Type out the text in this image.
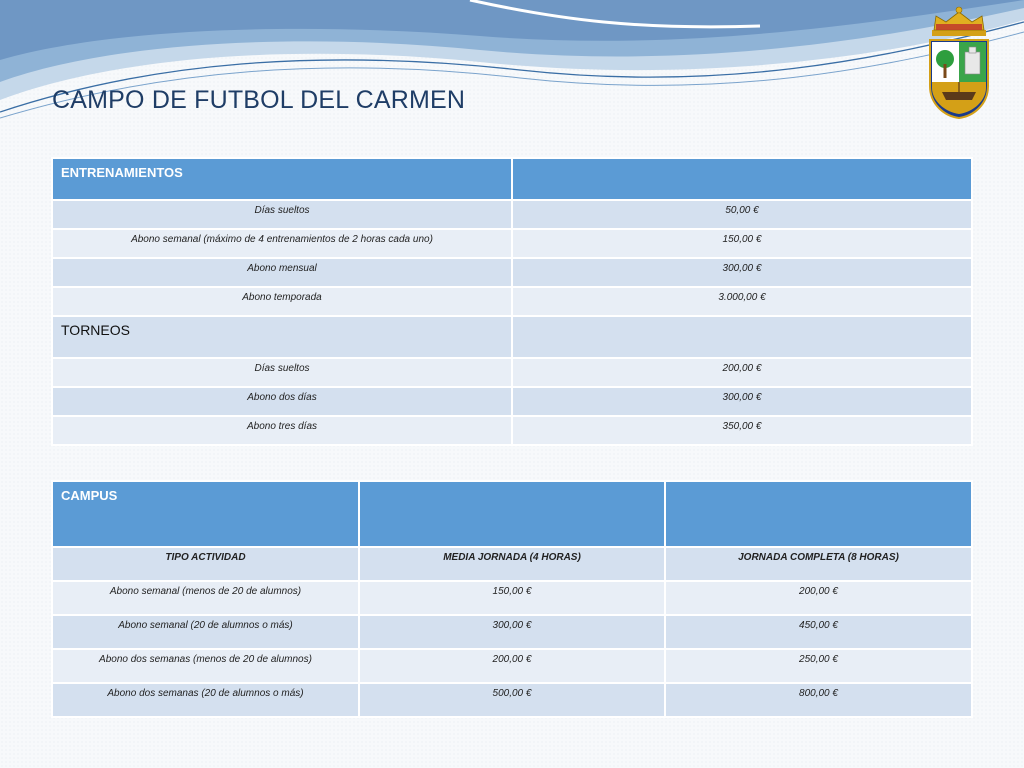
CAMPO DE FUTBOL DEL CARMEN
ENTRENAMIENTOS	
Días sueltos	50,00 €
Abono semanal (máximo de 4 entrenamientos de 2 horas cada uno)	150,00 €
Abono mensual	300,00 €
Abono temporada	3.000,00 €
TORNEOS	
Días sueltos	200,00 €
Abono dos días	300,00 €
Abono tres días	350,00 €
CAMPUS		
TIPO ACTIVIDAD	MEDIA JORNADA (4 HORAS)	JORNADA COMPLETA (8 HORAS)
Abono semanal (menos de 20 de alumnos)	150,00 €	200,00 €
Abono semanal (20 de alumnos o más)	300,00 €	450,00 €
Abono dos semanas (menos de 20 de alumnos)	200,00 €	250,00 €
Abono dos semanas (20 de alumnos o más)	500,00 €	800,00 €
